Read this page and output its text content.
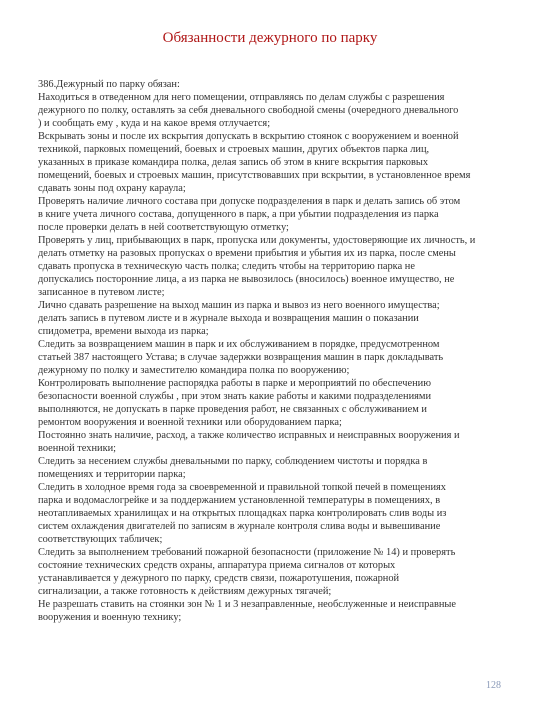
Обязанности дежурного по парку
386.Дежурный по парку обязан:
Находиться в отведенном для него помещении, отправляясь по делам службы с разрешения
дежурного по полку, оставлять за себя дневального свободной смены (очередного дневального
) и сообщать ему , куда и на какое время отлучается;
Вскрывать зоны и после их вскрытия допускать в вскрытию стоянок с вооружением и военной
техникой, парковых помещений, боевых и строевых машин, других объектов парка лиц,
указанных в приказе командира полка, делая запись об этом в книге вскрытия парковых
помещений, боевых и строевых машин, присутствовавших при вскрытии, в установленное время
сдавать зоны под охрану караула;
Проверять наличие личного состава при допуске подразделения в парк и делать запись об этом
в книге учета личного состава, допущенного в парк, а при убытии подразделения из парка
после проверки делать в ней соответствующую отметку;
Проверять у лиц, прибывающих в парк, пропуска или документы, удостоверяющие их личность, и
делать отметку на разовых пропусках о времени прибытия и убытия их из парка, после смены
сдавать пропуска в техническую часть полка; следить чтобы на территорию парка не
допускались посторонние лица, а из парка не вывозилось (вносилось) военное имущество, не
записанное в путевом листе;
Лично сдавать разрешение на выход машин из парка и вывоз из него военного имущества;
делать запись в путевом листе и в журнале выхода и возвращения машин о показании
спидометра, времени выхода из парка;
Следить за возвращением машин в парк и их обслуживанием в порядке, предусмотренном
статьей 387 настоящего Устава; в случае задержки возвращения машин в парк докладывать
дежурному по полку и заместителю командира полка по вооружению;
Контролировать выполнение распорядка работы в парке и мероприятий по обеспечению
безопасности военной службы , при этом знать какие работы и какими подразделениями
выполняются, не допускать в парке проведения работ, не связанных с обслуживанием и
ремонтом вооружения и военной техники или оборудованием парка;
Постоянно знать наличие, расход, а также количество исправных и неисправных вооружения и
военной техники;
Следить за несением службы дневальными по парку, соблюдением чистоты и порядка в
помещениях и территории парка;
Следить в холодное время года за своевременной и правильной топкой печей в помещениях
парка и водомаслогрейке и за поддержанием установленной температуры в помещениях, в
неотапливаемых хранилищах и на открытых площадках парка контролировать слив воды из
систем охлаждения двигателей по записям в журнале контроля слива воды и вывешивание
соответствующих табличек;
Следить за выполнением требований пожарной безопасности (приложение № 14) и проверять
состояние технических средств охраны, аппаратура приема сигналов от которых
устанавливается у дежурного по парку, средств связи, пожаротушения, пожарной
сигнализации, а также готовность к действиям дежурных тягачей;
Не разрешать ставить на стоянки зон № 1 и 3 незаправленные, необслуженные и неисправные
вооружения и военную технику;
128
